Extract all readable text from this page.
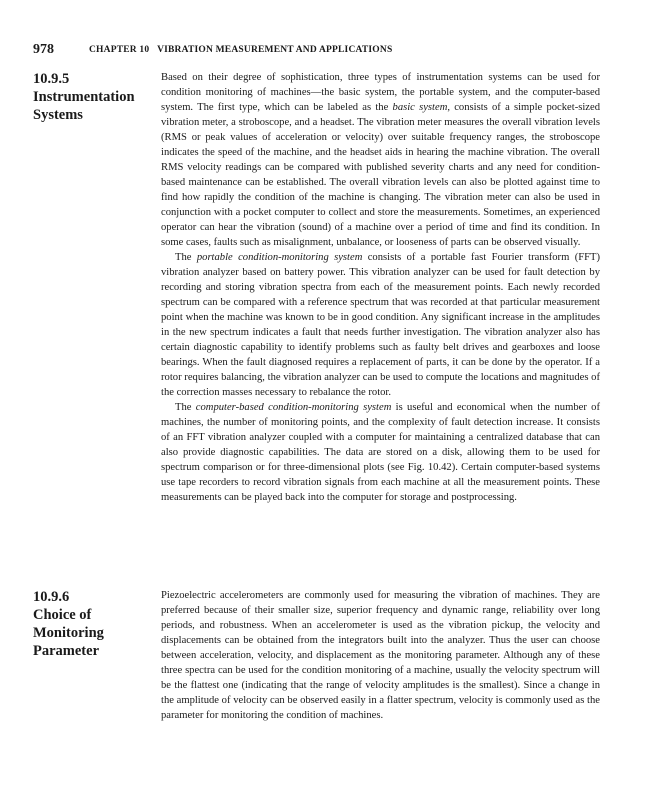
978	CHAPTER 10 VIBRATION MEASUREMENT AND APPLICATIONS
10.9.5
Instrumentation
Systems

Based on their degree of sophistication, three types of instrumentation systems can be used for condition monitoring of machines—the basic system, the portable system, and the computer-based system. The first type, which can be labeled as the basic system, consists of a simple pocket-sized vibration meter, a stroboscope, and a headset. The vibration meter measures the overall vibration levels (RMS or peak values of acceleration or velocity) over suitable frequency ranges, the stroboscope indicates the speed of the machine, and the headset aids in hearing the machine vibration. The overall RMS velocity readings can be compared with published severity charts and any need for condition-based maintenance can be established. The overall vibration levels can also be plotted against time to find how rapidly the condition of the machine is changing. The vibration meter can also be used in conjunction with a pocket computer to collect and store the measurements. Sometimes, an experienced operator can hear the vibration (sound) of a machine over a period of time and find its condition. In some cases, faults such as misalignment, unbalance, or looseness of parts can be observed visually.

The portable condition-monitoring system consists of a portable fast Fourier transform (FFT) vibration analyzer based on battery power. This vibration analyzer can be used for fault detection by recording and storing vibration spectra from each of the measurement points. Each newly recorded spectrum can be compared with a reference spectrum that was recorded at that particular measurement point when the machine was known to be in good condition. Any significant increase in the amplitudes in the new spectrum indicates a fault that needs further investigation. The vibration analyzer also has certain diagnostic capability to identify problems such as faulty belt drives and gearboxes and loose bearings. When the fault diagnosed requires a replacement of parts, it can be done by the operator. If a rotor requires balancing, the vibration analyzer can be used to compute the locations and magnitudes of the correction masses necessary to rebalance the rotor.

The computer-based condition-monitoring system is useful and economical when the number of machines, the number of monitoring points, and the complexity of fault detection increase. It consists of an FFT vibration analyzer coupled with a computer for maintaining a centralized database that can also provide diagnostic capabilities. The data are stored on a disk, allowing them to be used for spectrum comparison or for three-dimensional plots (see Fig. 10.42). Certain computer-based systems use tape recorders to record vibration signals from each machine at all the measurement points. These measurements can be played back into the computer for storage and postprocessing.

10.9.6
Choice of
Monitoring
Parameter

Piezoelectric accelerometers are commonly used for measuring the vibration of machines. They are preferred because of their smaller size, superior frequency and dynamic range, reliability over long periods, and robustness. When an accelerometer is used as the vibration pickup, the velocity and displacements can be obtained from the integrators built into the analyzer. Thus the user can choose between acceleration, velocity, and displacement as the monitoring parameter. Although any of these three spectra can be used for the condition monitoring of a machine, usually the velocity spectrum will be the flattest one (indicating that the range of velocity amplitudes is the smallest). Since a change in the amplitude of velocity can be observed easily in a flatter spectrum, velocity is commonly used as the parameter for monitoring the condition of machines.
